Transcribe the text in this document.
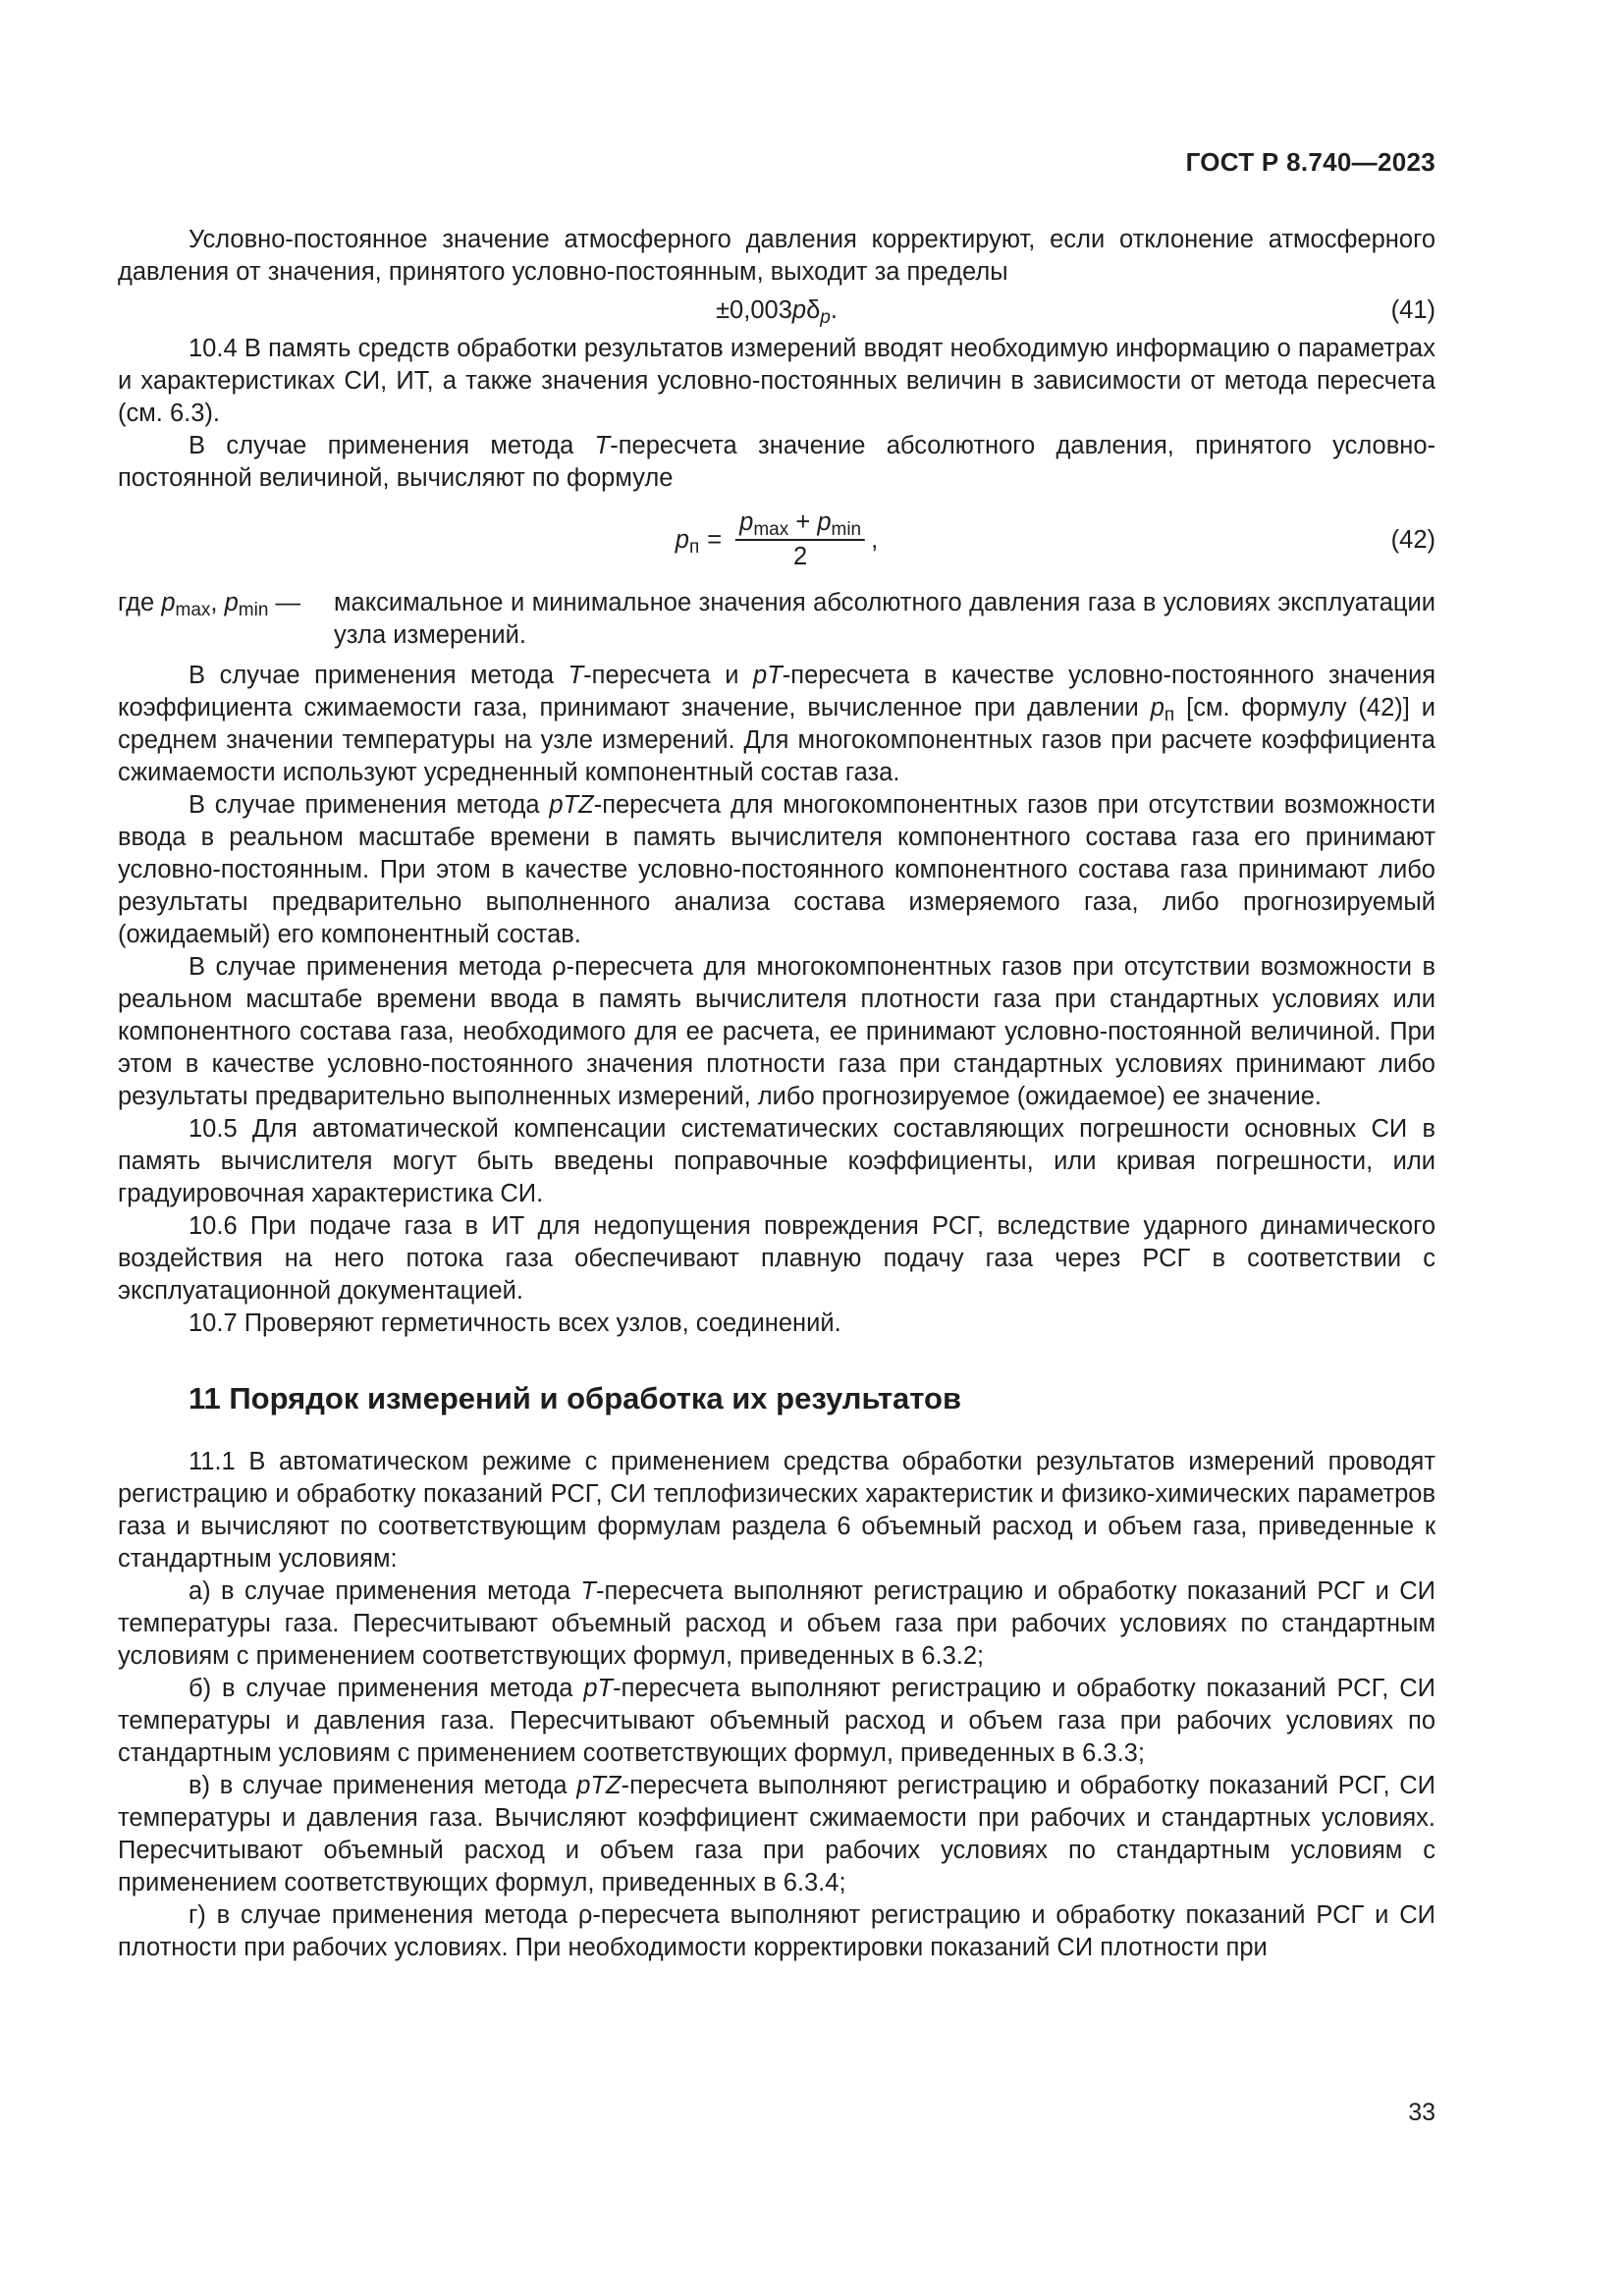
ГОСТ Р 8.740—2023

Условно-постоянное значение атмосферного давления корректируют, если отклонение атмосферного давления от значения, принятого условно-постоянным, выходит за пределы

$\pm 0,003p\delta_p$.	(41)

10.4 В память средств обработки результатов измерений вводят необходимую информацию о параметрах и характеристиках СИ, ИТ, а также значения условно-постоянных величин в зависимости от метода пересчета (см. 6.3).

В случае применения метода T-пересчета значение абсолютного давления, принятого условно-постоянной величиной, вычисляют по формуле

$p_п = \frac{p_{max} + p_{min}}{2}$ ,	(42)
где $p_{max}$, $p_{min}$ —	максимальное и минимальное значения абсолютного давления газа в условиях эксплуатации узла измерений.

В случае применения метода T-пересчета и pT-пересчета в качестве условно-постоянного значения коэффициента сжимаемости газа, принимают значение, вычисленное при давлении $p_п$ [см. формулу (42)] и среднем значении температуры на узле измерений. Для многокомпонентных газов при расчете коэффициента сжимаемости используют усредненный компонентный состав газа.

В случае применения метода pTZ-пересчета для многокомпонентных газов при отсутствии возможности ввода в реальном масштабе времени в память вычислителя компонентного состава газа его принимают условно-постоянным. При этом в качестве условно-постоянного компонентного состава газа принимают либо результаты предварительно выполненного анализа состава измеряемого газа, либо прогнозируемый (ожидаемый) его компонентный состав.

В случае применения метода ρ-пересчета для многокомпонентных газов при отсутствии возможности в реальном масштабе времени ввода в память вычислителя плотности газа при стандартных условиях или компонентного состава газа, необходимого для ее расчета, ее принимают условно-постоянной величиной. При этом в качестве условно-постоянного значения плотности газа при стандартных условиях принимают либо результаты предварительно выполненных измерений, либо прогнозируемое (ожидаемое) ее значение.

10.5 Для автоматической компенсации систематических составляющих погрешности основных СИ в память вычислителя могут быть введены поправочные коэффициенты, или кривая погрешности, или градуировочная характеристика СИ.

10.6 При подаче газа в ИТ для недопущения повреждения РСГ, вследствие ударного динамического воздействия на него потока газа обеспечивают плавную подачу газа через РСГ в соответствии с эксплуатационной документацией.

10.7 Проверяют герметичность всех узлов, соединений.

11 Порядок измерений и обработка их результатов

11.1 В автоматическом режиме с применением средства обработки результатов измерений проводят регистрацию и обработку показаний РСГ, СИ теплофизических характеристик и физико-химических параметров газа и вычисляют по соответствующим формулам раздела 6 объемный расход и объем газа, приведенные к стандартным условиям:

а) в случае применения метода T-пересчета выполняют регистрацию и обработку показаний РСГ и СИ температуры газа. Пересчитывают объемный расход и объем газа при рабочих условиях по стандартным условиям с применением соответствующих формул, приведенных в 6.3.2;

б) в случае применения метода pT-пересчета выполняют регистрацию и обработку показаний РСГ, СИ температуры и давления газа. Пересчитывают объемный расход и объем газа при рабочих условиях по стандартным условиям с применением соответствующих формул, приведенных в 6.3.3;

в) в случае применения метода pTZ-пересчета выполняют регистрацию и обработку показаний РСГ, СИ температуры и давления газа. Вычисляют коэффициент сжимаемости при рабочих и стандартных условиях. Пересчитывают объемный расход и объем газа при рабочих условиях по стандартным условиям с применением соответствующих формул, приведенных в 6.3.4;

г) в случае применения метода ρ-пересчета выполняют регистрацию и обработку показаний РСГ и СИ плотности при рабочих условиях. При необходимости корректировки показаний СИ плотности при

33
